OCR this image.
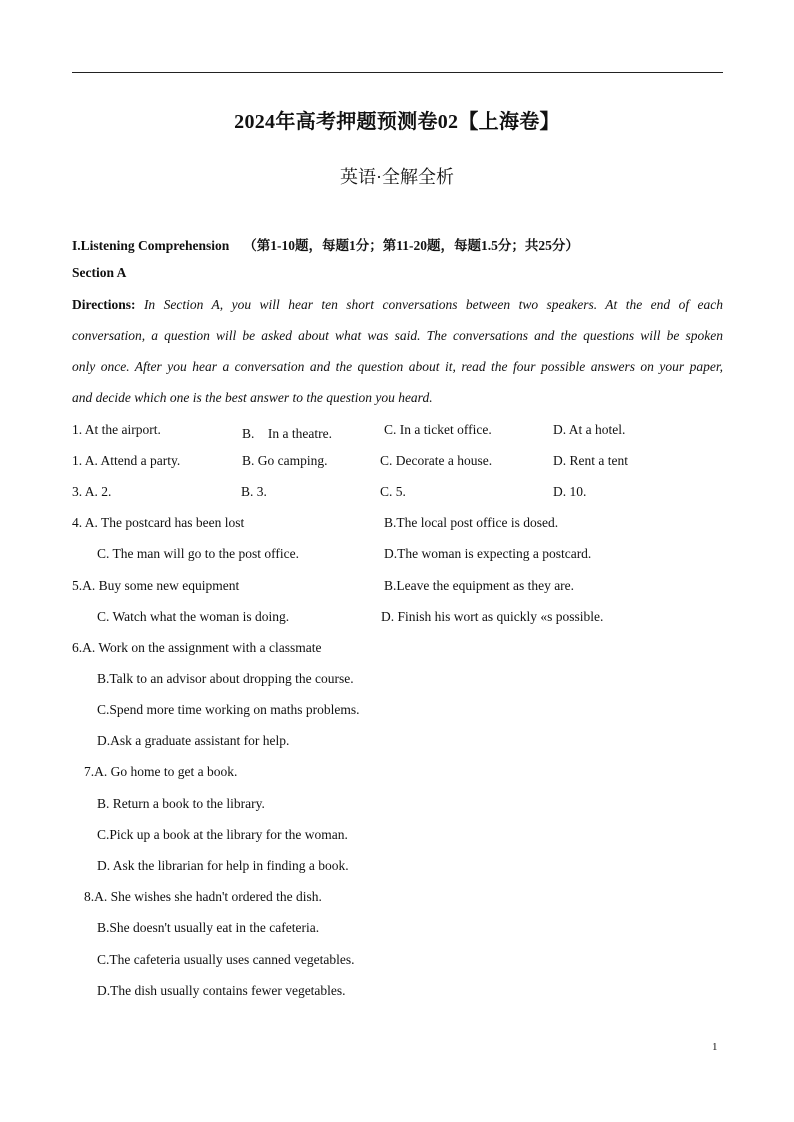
2024年高考押题预测卷02【上海卷】
英语·全解全析
I.Listening Comprehension （第1-10题，每题1分；第11-20题，每题1.5分；共25分）
Section A
Directions: In Section A, you will hear ten short conversations between two speakers. At the end of each
conversation, a question will be asked about what was said. The conversations and the questions will be spoken
only once. After you hear a conversation and the question about it, read the four possible answers on your paper,
and decide which one is the best answer to the question you heard.
1. At the airport.	B.　In a theatre.	C. In a ticket office.	D. At a hotel.
1. A. Attend a party.	B. Go camping.	C. Decorate a house.	D. Rent a tent
3. A. 2.	B. 3.	C. 5.	D. 10.
4. A. The postcard has been lost	B.The local post office is dosed.
C. The man will go to the post office.	D.The woman is expecting a postcard.
5.A. Buy some new equipment	B.Leave the equipment as they are.
C. Watch what the woman is doing.	D. Finish his wort as quickly «s possible.
6.A. Work on the assignment with a classmate
B.Talk to an advisor about dropping the course.
C.Spend more time working on maths problems.
D.Ask a graduate assistant for help.
7.A. Go home to get a book.
B. Return a book to the library.
C.Pick up a book at the library for the woman.
D. Ask the librarian for help in finding a book.
8.A. She wishes she hadn't ordered the dish.
B.She doesn't usually eat in the cafeteria.
C.The cafeteria usually uses canned vegetables.
D.The dish usually contains fewer vegetables.
1
